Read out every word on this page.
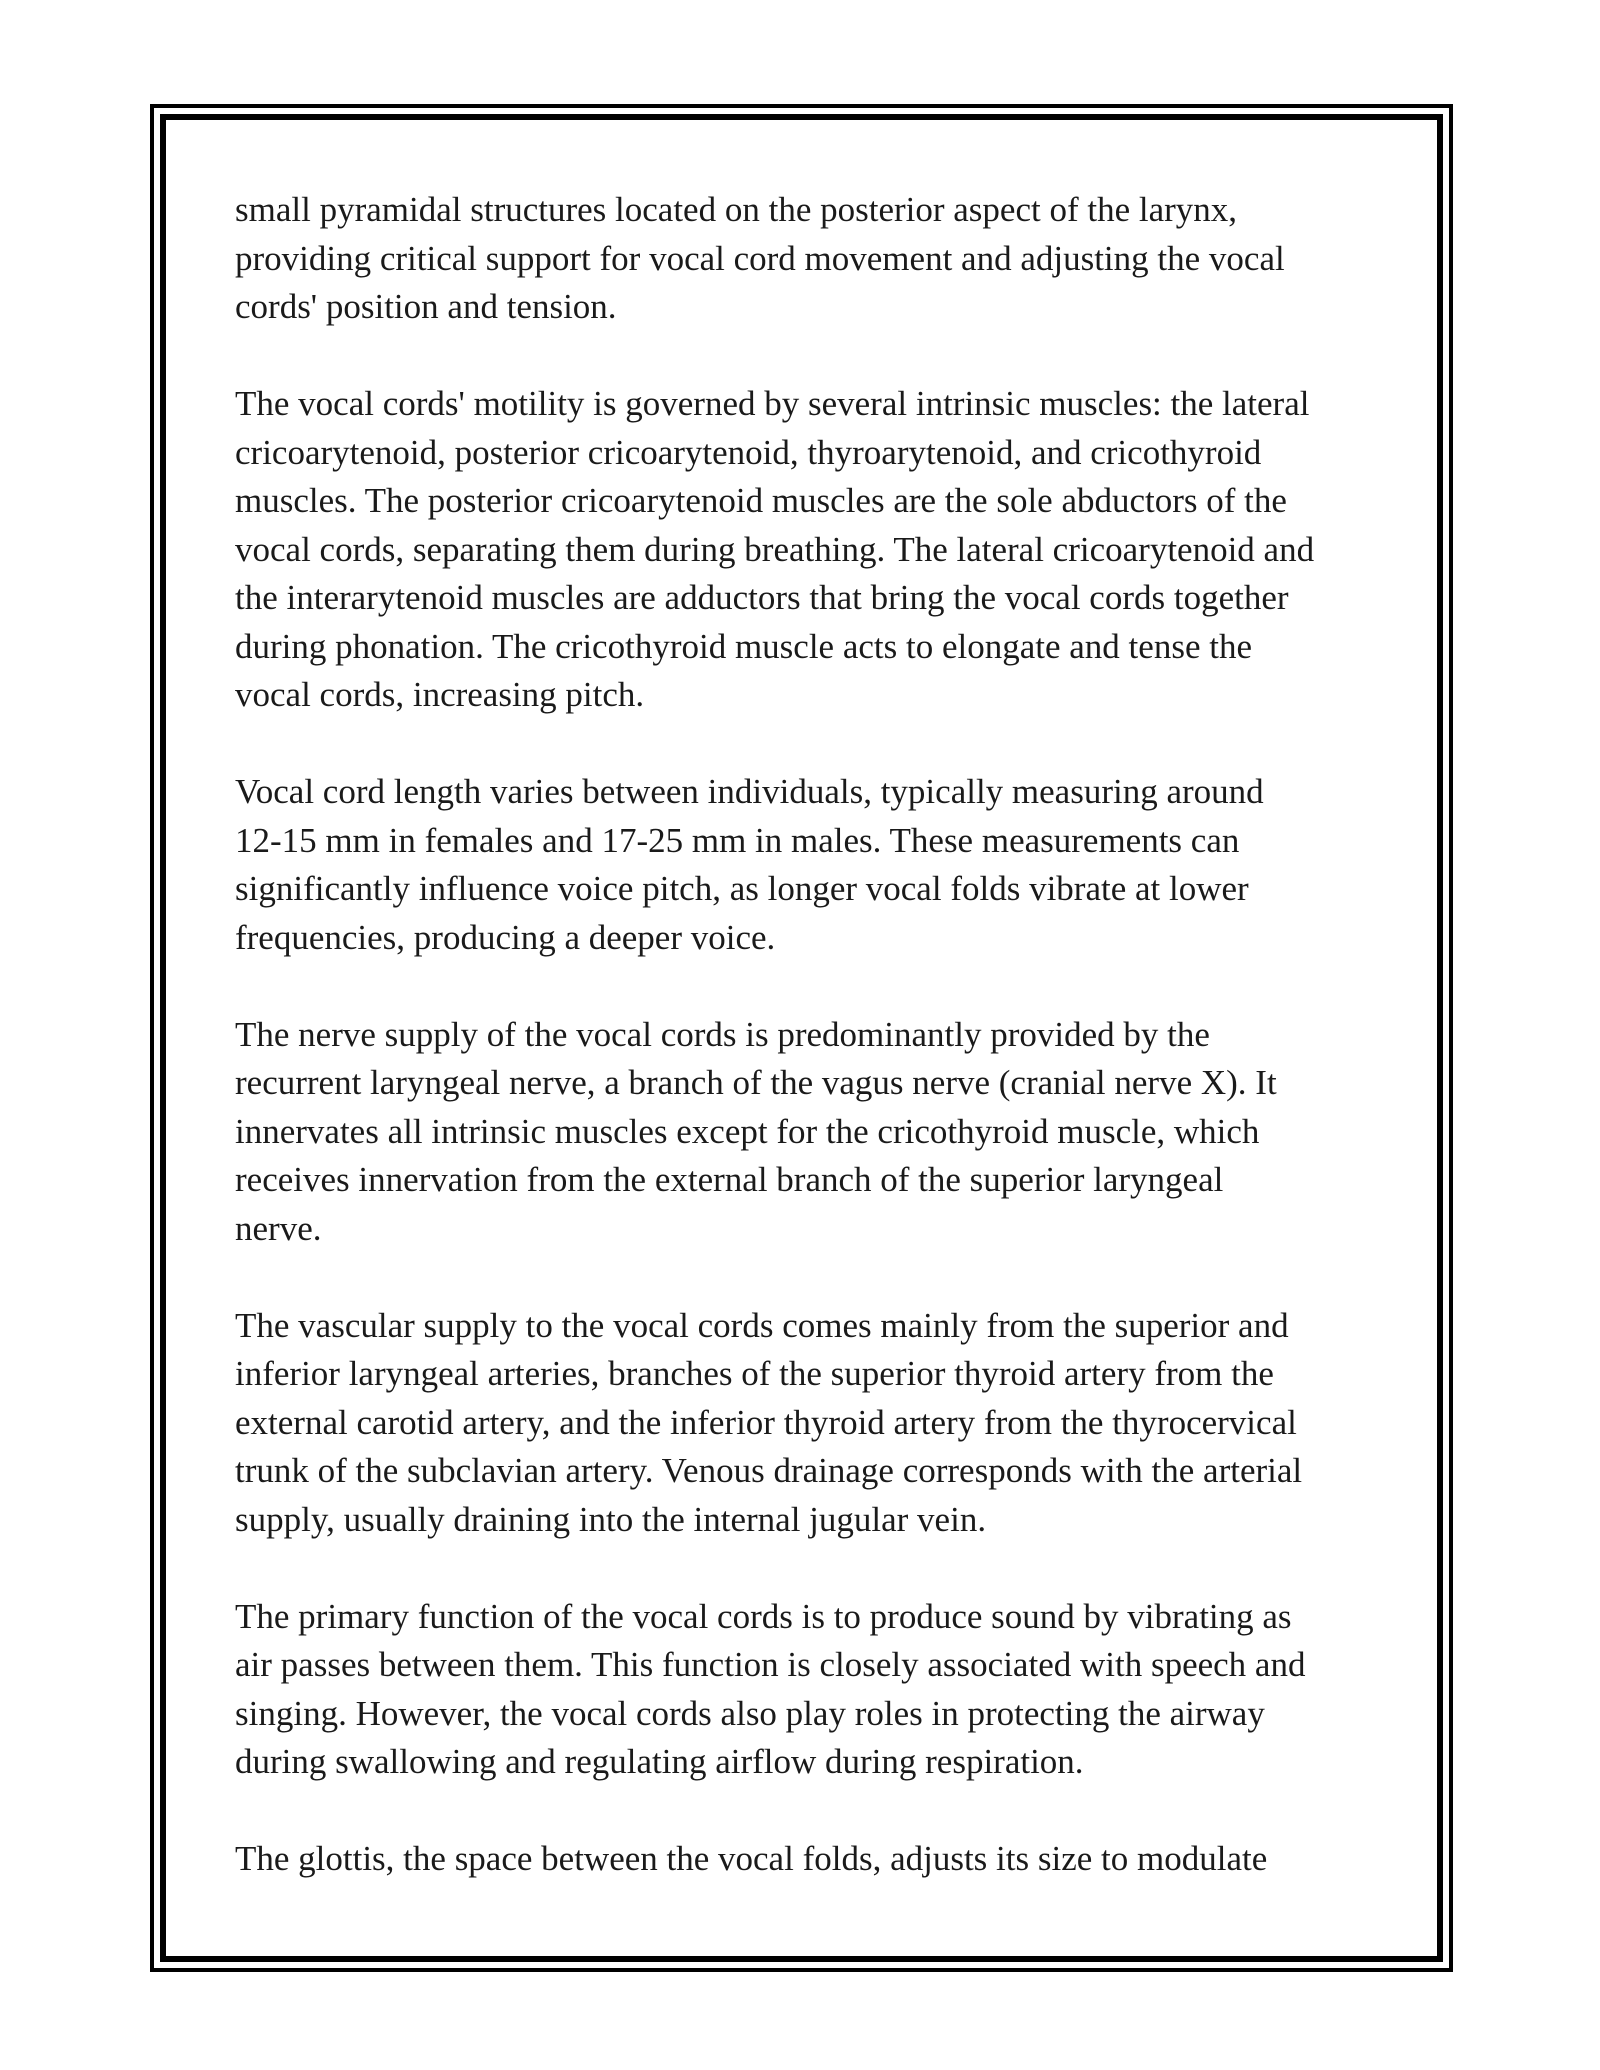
small pyramidal structures located on the posterior aspect of the larynx,
providing critical support for vocal cord movement and adjusting the vocal
cords' position and tension.

The vocal cords' motility is governed by several intrinsic muscles: the lateral
cricoarytenoid, posterior cricoarytenoid, thyroarytenoid, and cricothyroid
muscles. The posterior cricoarytenoid muscles are the sole abductors of the
vocal cords, separating them during breathing. The lateral cricoarytenoid and
the interarytenoid muscles are adductors that bring the vocal cords together
during phonation. The cricothyroid muscle acts to elongate and tense the
vocal cords, increasing pitch.

Vocal cord length varies between individuals, typically measuring around
12-15 mm in females and 17-25 mm in males. These measurements can
significantly influence voice pitch, as longer vocal folds vibrate at lower
frequencies, producing a deeper voice.

The nerve supply of the vocal cords is predominantly provided by the
recurrent laryngeal nerve, a branch of the vagus nerve (cranial nerve X). It
innervates all intrinsic muscles except for the cricothyroid muscle, which
receives innervation from the external branch of the superior laryngeal
nerve.

The vascular supply to the vocal cords comes mainly from the superior and
inferior laryngeal arteries, branches of the superior thyroid artery from the
external carotid artery, and the inferior thyroid artery from the thyrocervical
trunk of the subclavian artery. Venous drainage corresponds with the arterial
supply, usually draining into the internal jugular vein.

The primary function of the vocal cords is to produce sound by vibrating as
air passes between them. This function is closely associated with speech and
singing. However, the vocal cords also play roles in protecting the airway
during swallowing and regulating airflow during respiration.

The glottis, the space between the vocal folds, adjusts its size to modulate
